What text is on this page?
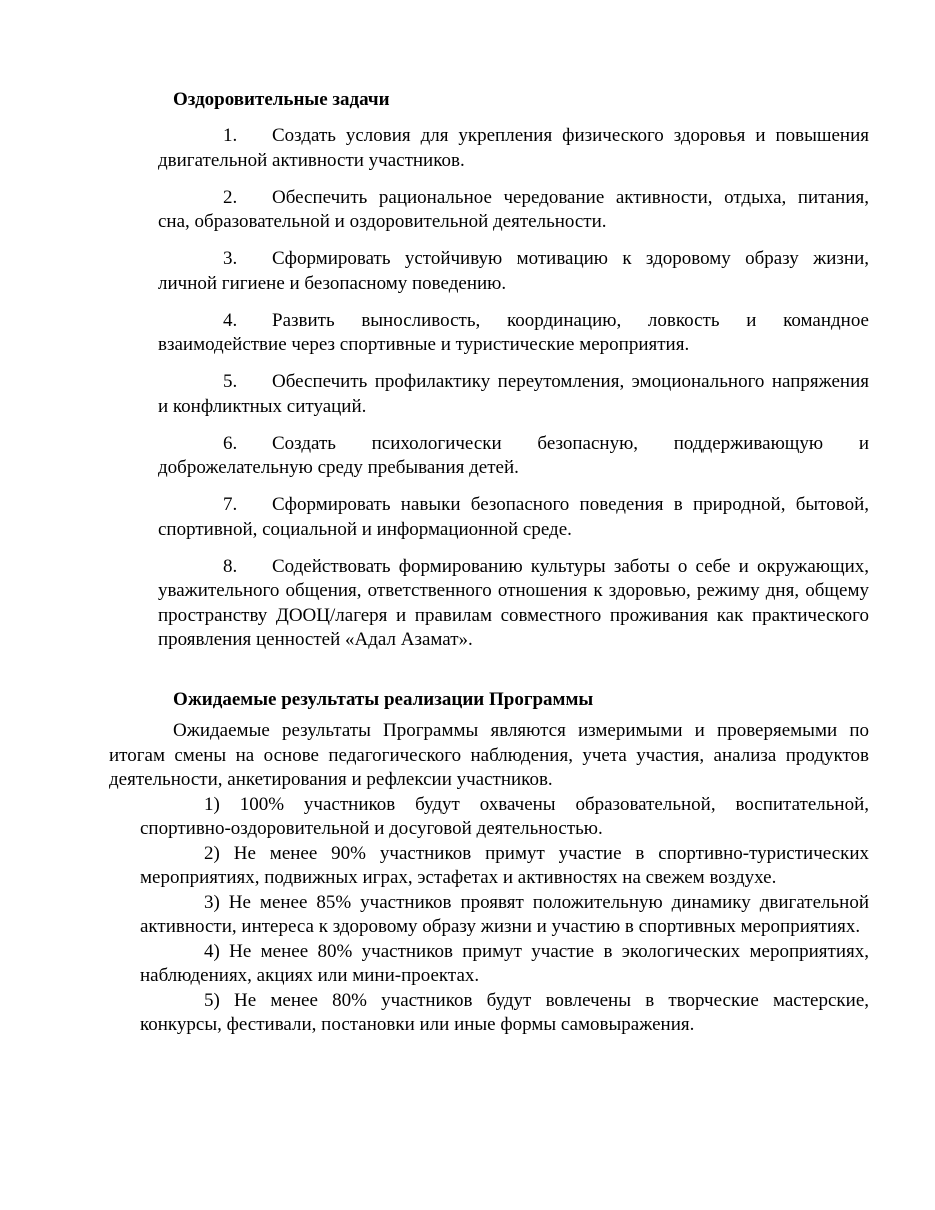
Оздоровительные задачи

1. Создать условия для укрепления физического здоровья и повышения двигательной активности участников.

2. Обеспечить рациональное чередование активности, отдыха, питания, сна, образовательной и оздоровительной деятельности.

3. Сформировать устойчивую мотивацию к здоровому образу жизни, личной гигиене и безопасному поведению.

4. Развить выносливость, координацию, ловкость и командное взаимодействие через спортивные и туристические мероприятия.

5. Обеспечить профилактику переутомления, эмоционального напряжения и конфликтных ситуаций.

6. Создать психологически безопасную, поддерживающую и доброжелательную среду пребывания детей.

7. Сформировать навыки безопасного поведения в природной, бытовой, спортивной, социальной и информационной среде.

8. Содействовать формированию культуры заботы о себе и окружающих, уважительного общения, ответственного отношения к здоровью, режиму дня, общему пространству ДООЦ/лагеря и правилам совместного проживания как практического проявления ценностей «Адал Азамат».

Ожидаемые результаты реализации Программы

Ожидаемые результаты Программы являются измеримыми и проверяемыми по итогам смены на основе педагогического наблюдения, учета участия, анализа продуктов деятельности, анкетирования и рефлексии участников.

1) 100% участников будут охвачены образовательной, воспитательной, спортивно-оздоровительной и досуговой деятельностью.

2) Не менее 90% участников примут участие в спортивно-туристических мероприятиях, подвижных играх, эстафетах и активностях на свежем воздухе.

3) Не менее 85% участников проявят положительную динамику двигательной активности, интереса к здоровому образу жизни и участию в спортивных мероприятиях.

4) Не менее 80% участников примут участие в экологических мероприятиях, наблюдениях, акциях или мини-проектах.

5) Не менее 80% участников будут вовлечены в творческие мастерские, конкурсы, фестивали, постановки или иные формы самовыражения.
